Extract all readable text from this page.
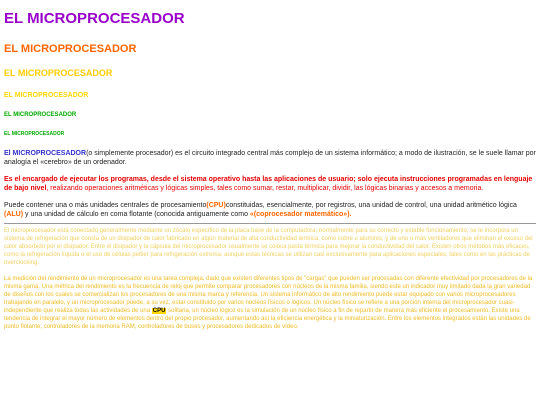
EL MICROPROCESADOR
EL MICROPROCESADOR
EL MICROPROCESADOR
EL MICROPROCESADOR
EL MICROPROCESADOR
EL MICROPROCESADOR

El MICROPROCESADOR(o simplemente procesador) es el circuito integrado central más complejo de un sistema informático; a modo de ilustración, se le suele llamar por analogía el «cerebro» de un ordenador.

Es el encargado de ejecutar los programas, desde el sistema operativo hasta las aplicaciones de usuario; solo ejecuta instrucciones programadas en lenguaje de bajo nivel, realizando operaciones aritméticas y lógicas simples, tales como sumar, restar, multiplicar, dividir, las lógicas binarias y accesos a memoria.

Puede contener una o más unidades centrales de procesamiento(CPU)constituidas, esencialmente, por registros, una unidad de control, una unidad aritmético lógica (ALU) y una unidad de cálculo en coma flotante (conocida antiguamente como «(coprocesador matemático»).

El microprocesador está conectado generalmente mediante un zócalo específico de la placa base de la computadora; normalmente para su correcto y estable funcionamiento, se le incorpora un sistema de refrigeración que consta de un disipador de calor fabricado en algún material de alta conductividad térmica, como cobre o aluminio, y de uno o más ventiladores que eliminan el exceso del calor absorbido por el disipador. Entre el disipador y la cápsula del microprocesador usualmente se coloca pasta térmica para mejorar la conductividad del calor. Existen otros métodos más eficaces, como la refrigeración líquida o el uso de células peltier para refrigeración extrema, aunque estas técnicas se utilizan casi exclusivamente para aplicaciones especiales, tales como en las prácticas de overclocking.

La medición del rendimiento de un microprocesador es una tarea compleja, dado que existen diferentes tipos de "cargas" que pueden ser procesadas con diferente efectividad por procesadores de la misma gama. Una métrica del rendimiento es la frecuencia de reloj que permite comparar procesadores con núcleos de la misma familia, siendo este un indicador muy limitado dada la gran variedad de diseños con los cuales se comercializan los procesadores de una misma marca y referencia. Un sistema informático de alto rendimiento puede estar equipado con varios microprocesadores trabajando en paralelo, y un microprocesador puede, a su vez, estar constituido por varios núcleos físicos o lógicos. Un núcleo físico se refiere a una porción interna del microprocesador cuasi-independiente que realiza todas las actividades de una CPU solitaria, un núcleo lógico es la simulación de un núcleo físico a fin de repartir de manera más eficiente el procesamiento. Existe una tendencia de integrar el mayor número de elementos dentro del propio procesador, aumentando así la eficiencia energética y la miniaturización. Entre los elementos integrados están las unidades de punto flotante, controladores de la memoria RAM, controladores de buses y procesadores dedicados de vídeo.
